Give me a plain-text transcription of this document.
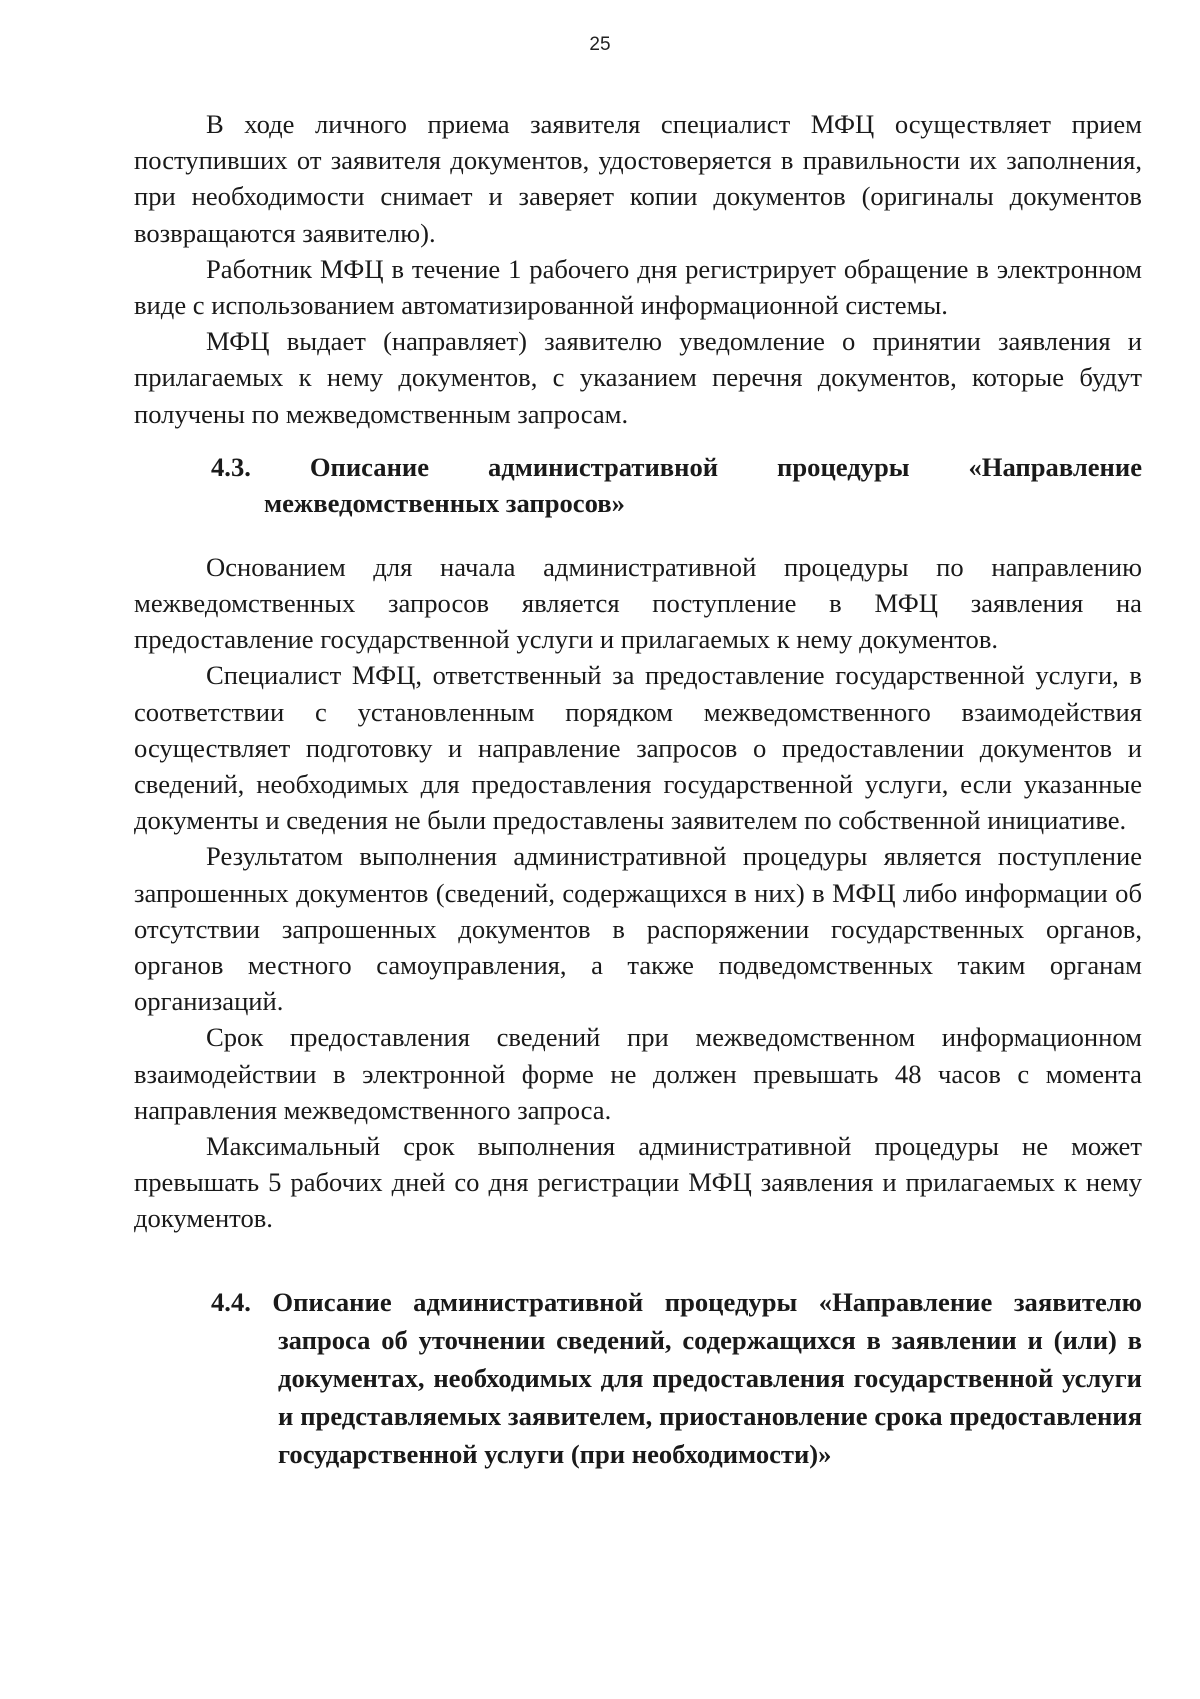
25

В ходе личного приема заявителя специалист МФЦ осуществляет прием поступивших от заявителя документов, удостоверяется в правильности их заполнения, при необходимости снимает и заверяет копии документов (оригиналы документов возвращаются заявителю).

Работник МФЦ в течение 1 рабочего дня регистрирует обращение в электронном виде с использованием автоматизированной информационной системы.

МФЦ выдает (направляет) заявителю уведомление о принятии заявления и прилагаемых к нему документов, с указанием перечня документов, которые будут получены по межведомственным запросам.

4.3. Описание административной процедуры «Направление межведомственных запросов»

Основанием для начала административной процедуры по направлению межведомственных запросов является поступление в МФЦ заявления на предоставление государственной услуги и прилагаемых к нему документов.

Специалист МФЦ, ответственный за предоставление государственной услуги, в соответствии с установленным порядком межведомственного взаимодействия осуществляет подготовку и направление запросов о предоставлении документов и сведений, необходимых для предоставления государственной услуги, если указанные документы и сведения не были предоставлены заявителем по собственной инициативе.

Результатом выполнения административной процедуры является поступление запрошенных документов (сведений, содержащихся в них) в МФЦ либо информации об отсутствии запрошенных документов в распоряжении государственных органов, органов местного самоуправления, а также подведомственных таким органам организаций.

Срок предоставления сведений при межведомственном информационном взаимодействии в электронной форме не должен превышать 48 часов с момента направления межведомственного запроса.

Максимальный срок выполнения административной процедуры не может превышать 5 рабочих дней со дня регистрации МФЦ заявления и прилагаемых к нему документов.

4.4. Описание административной процедуры «Направление заявителю запроса об уточнении сведений, содержащихся в заявлении и (или) в документах, необходимых для предоставления государственной услуги и представляемых заявителем, приостановление срока предоставления государственной услуги (при необходимости)»
